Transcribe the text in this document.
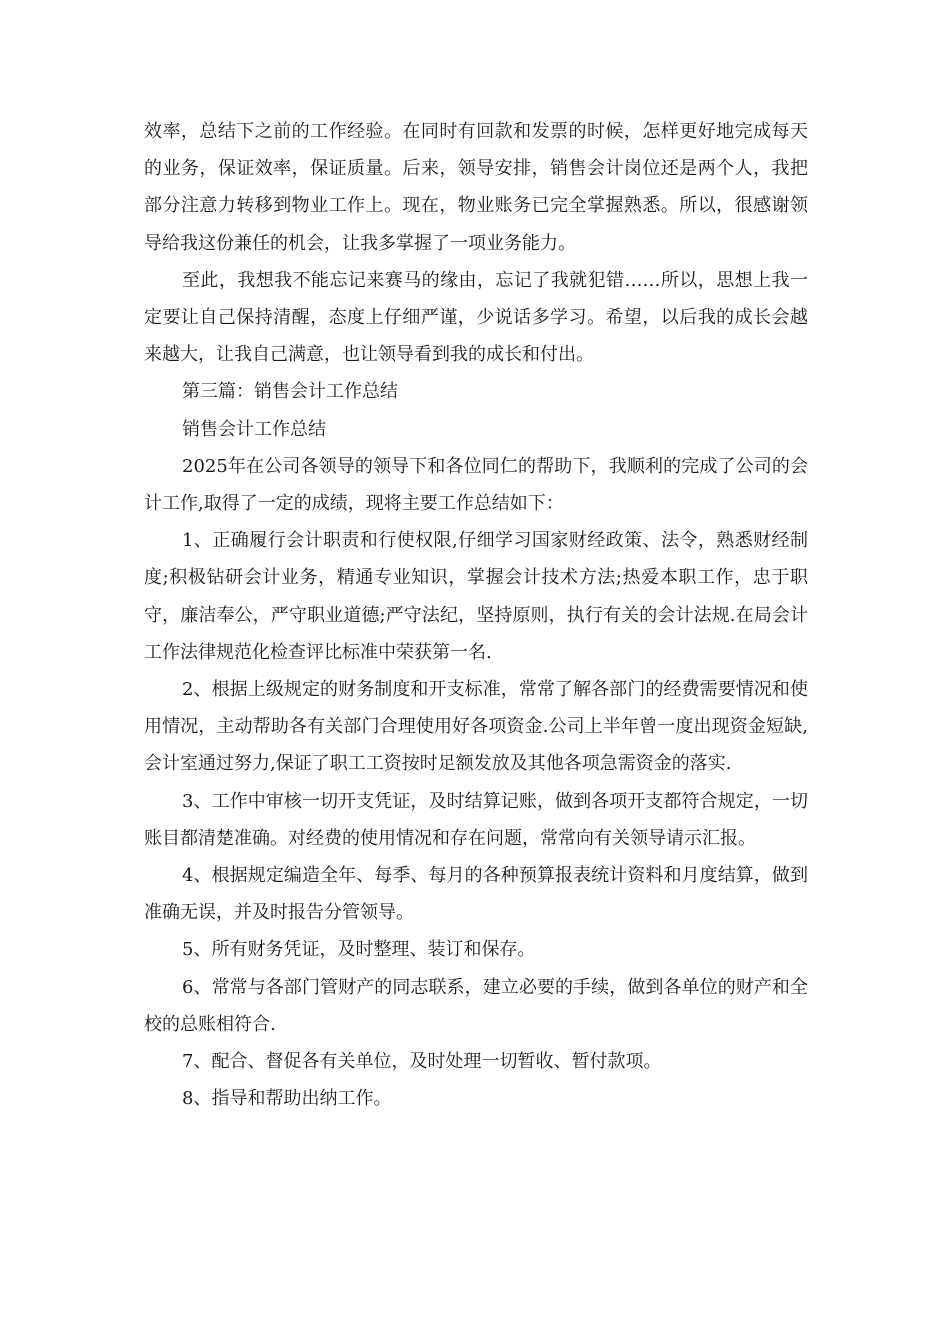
效率，总结下之前的工作经验。在同时有回款和发票的时候，怎样更好地完成每天的业务，保证效率，保证质量。后来，领导安排，销售会计岗位还是两个人，我把部分注意力转移到物业工作上。现在，物业账务已完全掌握熟悉。所以，很感谢领导给我这份兼任的机会，让我多掌握了一项业务能力。

至此，我想我不能忘记来赛马的缘由，忘记了我就犯错……所以，思想上我一定要让自己保持清醒，态度上仔细严谨，少说话多学习。希望，以后我的成长会越来越大，让我自己满意，也让领导看到我的成长和付出。

第三篇：销售会计工作总结

销售会计工作总结

2025年在公司各领导的领导下和各位同仁的帮助下，我顺利的完成了公司的会计工作,取得了一定的成绩，现将主要工作总结如下：

1、正确履行会计职责和行使权限,仔细学习国家财经政策、法令，熟悉财经制度;积极钻研会计业务，精通专业知识，掌握会计技术方法;热爱本职工作，忠于职守，廉洁奉公，严守职业道德;严守法纪，坚持原则，执行有关的会计法规.在局会计工作法律规范化检查评比标准中荣获第一名.

2、根据上级规定的财务制度和开支标准，常常了解各部门的经费需要情况和使用情况，主动帮助各有关部门合理使用好各项资金.公司上半年曾一度出现资金短缺,会计室通过努力,保证了职工工资按时足额发放及其他各项急需资金的落实.

3、工作中审核一切开支凭证，及时结算记账，做到各项开支都符合规定，一切账目都清楚准确。对经费的使用情况和存在问题，常常向有关领导请示汇报。

4、根据规定编造全年、每季、每月的各种预算报表统计资料和月度结算，做到准确无误，并及时报告分管领导。

5、所有财务凭证，及时整理、装订和保存。

6、常常与各部门管财产的同志联系，建立必要的手续，做到各单位的财产和全校的总账相符合.

7、配合、督促各有关单位，及时处理一切暂收、暂付款项。

8、指导和帮助出纳工作。
